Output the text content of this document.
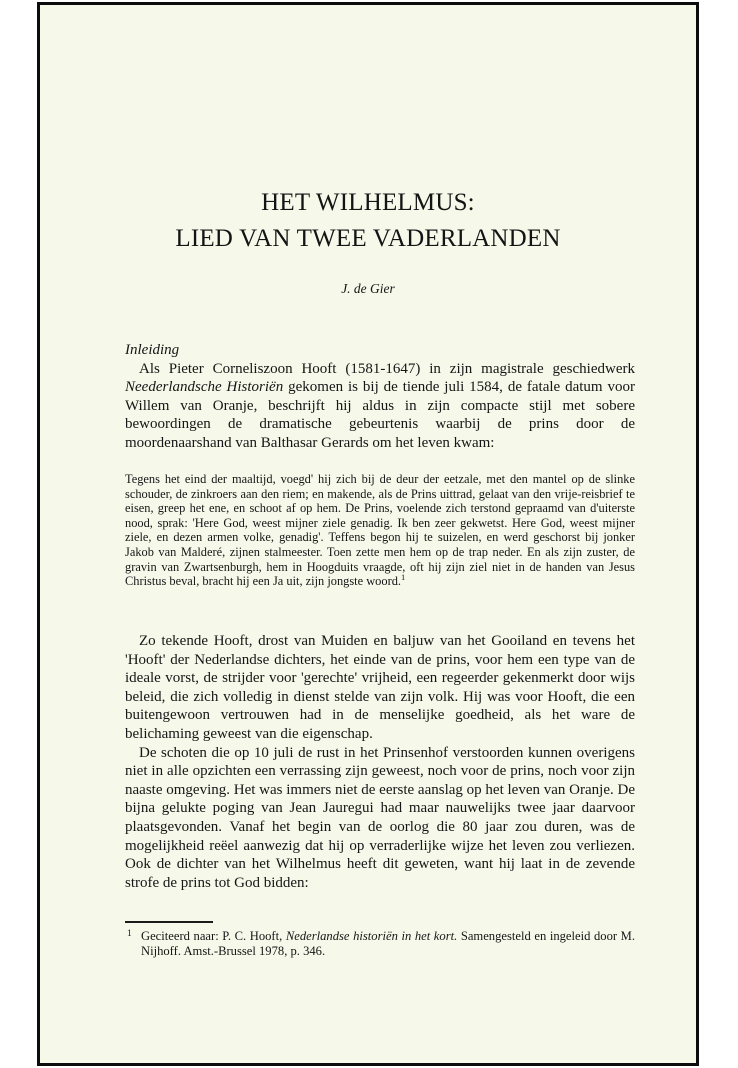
HET WILHELMUS:
LIED VAN TWEE VADERLANDEN
J. de Gier

Inleiding

Als Pieter Corneliszoon Hooft (1581-1647) in zijn magistrale geschiedwerk Neederlandsche Historiën gekomen is bij de tiende juli 1584, de fatale datum voor Willem van Oranje, beschrijft hij aldus in zijn compacte stijl met sobere bewoordingen de dramatische gebeurtenis waarbij de prins door de moordenaarshand van Balthasar Gerards om het leven kwam:

Tegens het eind der maaltijd, voegd' hij zich bij de deur der eetzale, met den mantel op de slinke schouder, de zinkroers aan den riem; en makende, als de Prins uittrad, gelaat van den vrije-reisbrief te eisen, greep het ene, en schoot af op hem. De Prins, voelende zich terstond gepraamd van d'uiterste nood, sprak: 'Here God, weest mijner ziele genadig. Ik ben zeer gekwetst. Here God, weest mijner ziele, en dezen armen volke, genadig'. Teffens begon hij te suizelen, en werd geschorst bij jonker Jakob van Malderé, zijnen stalmeester. Toen zette men hem op de trap neder. En als zijn zuster, de gravin van Zwartsenburgh, hem in Hoogduits vraagde, oft hij zijn ziel niet in de handen van Jesus Christus beval, bracht hij een Ja uit, zijn jongste woord.$^1$

Zo tekende Hooft, drost van Muiden en baljuw van het Gooiland en tevens het 'Hooft' der Nederlandse dichters, het einde van de prins, voor hem een type van de ideale vorst, de strijder voor 'gerechte' vrijheid, een regeerder gekenmerkt door wijs beleid, die zich volledig in dienst stelde van zijn volk. Hij was voor Hooft, die een buitengewoon vertrouwen had in de menselijke goedheid, als het ware de belichaming geweest van die eigenschap.

De schoten die op 10 juli de rust in het Prinsenhof verstoorden kunnen overigens niet in alle opzichten een verrassing zijn geweest, noch voor de prins, noch voor zijn naaste omgeving. Het was immers niet de eerste aanslag op het leven van Oranje. De bijna gelukte poging van Jean Jauregui had maar nauwelijks twee jaar daarvoor plaatsgevonden. Vanaf het begin van de oorlog die 80 jaar zou duren, was de mogelijkheid reëel aanwezig dat hij op verraderlijke wijze het leven zou verliezen. Ook de dichter van het Wilhelmus heeft dit geweten, want hij laat in de zevende strofe de prins tot God bidden:

1 Geciteerd naar: P. C. Hooft, Nederlandse historiën in het kort. Samengesteld en ingeleid door M. Nijhoff. Amst.-Brussel 1978, p. 346.
